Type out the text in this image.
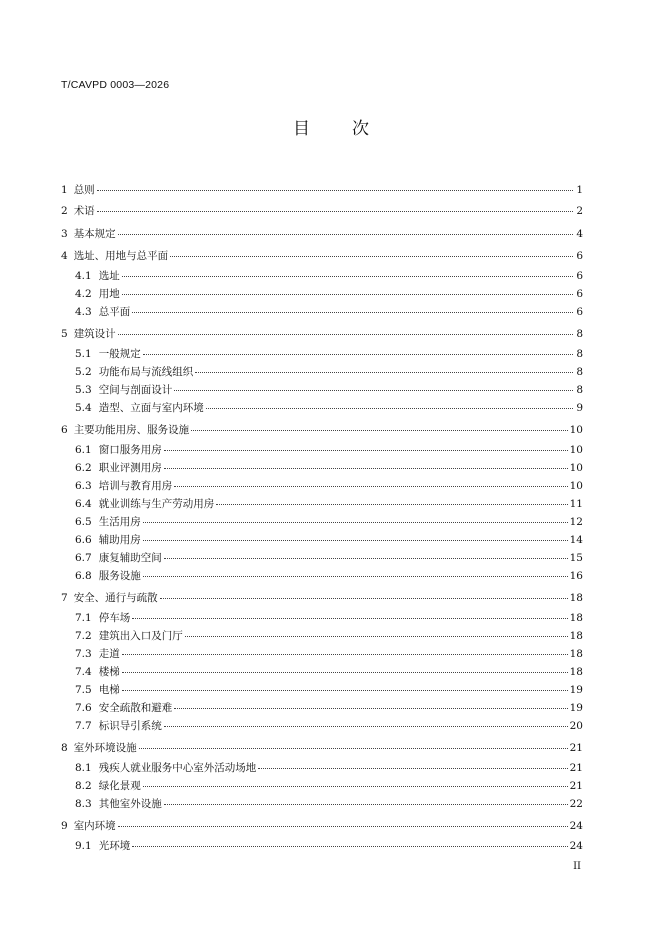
T/CAVPD 0003—2026
目 次
1 总则	1
2 术语	2
3 基本规定	4
4 选址、用地与总平面	6
4.1 选址	6
4.2 用地	6
4.3 总平面	6
5 建筑设计	8
5.1 一般规定	8
5.2 功能布局与流线组织	8
5.3 空间与剖面设计	8
5.4 造型、立面与室内环境	9
6 主要功能用房、服务设施	10
6.1 窗口服务用房	10
6.2 职业评测用房	10
6.3 培训与教育用房	10
6.4 就业训练与生产劳动用房	11
6.5 生活用房	12
6.6 辅助用房	14
6.7 康复辅助空间	15
6.8 服务设施	16
7 安全、通行与疏散	18
7.1 停车场	18
7.2 建筑出入口及门厅	18
7.3 走道	18
7.4 楼梯	18
7.5 电梯	19
7.6 安全疏散和避难	19
7.7 标识导引系统	20
8 室外环境设施	21
8.1 残疾人就业服务中心室外活动场地	21
8.2 绿化景观	21
8.3 其他室外设施	22
9 室内环境	24
9.1 光环境	24
II
